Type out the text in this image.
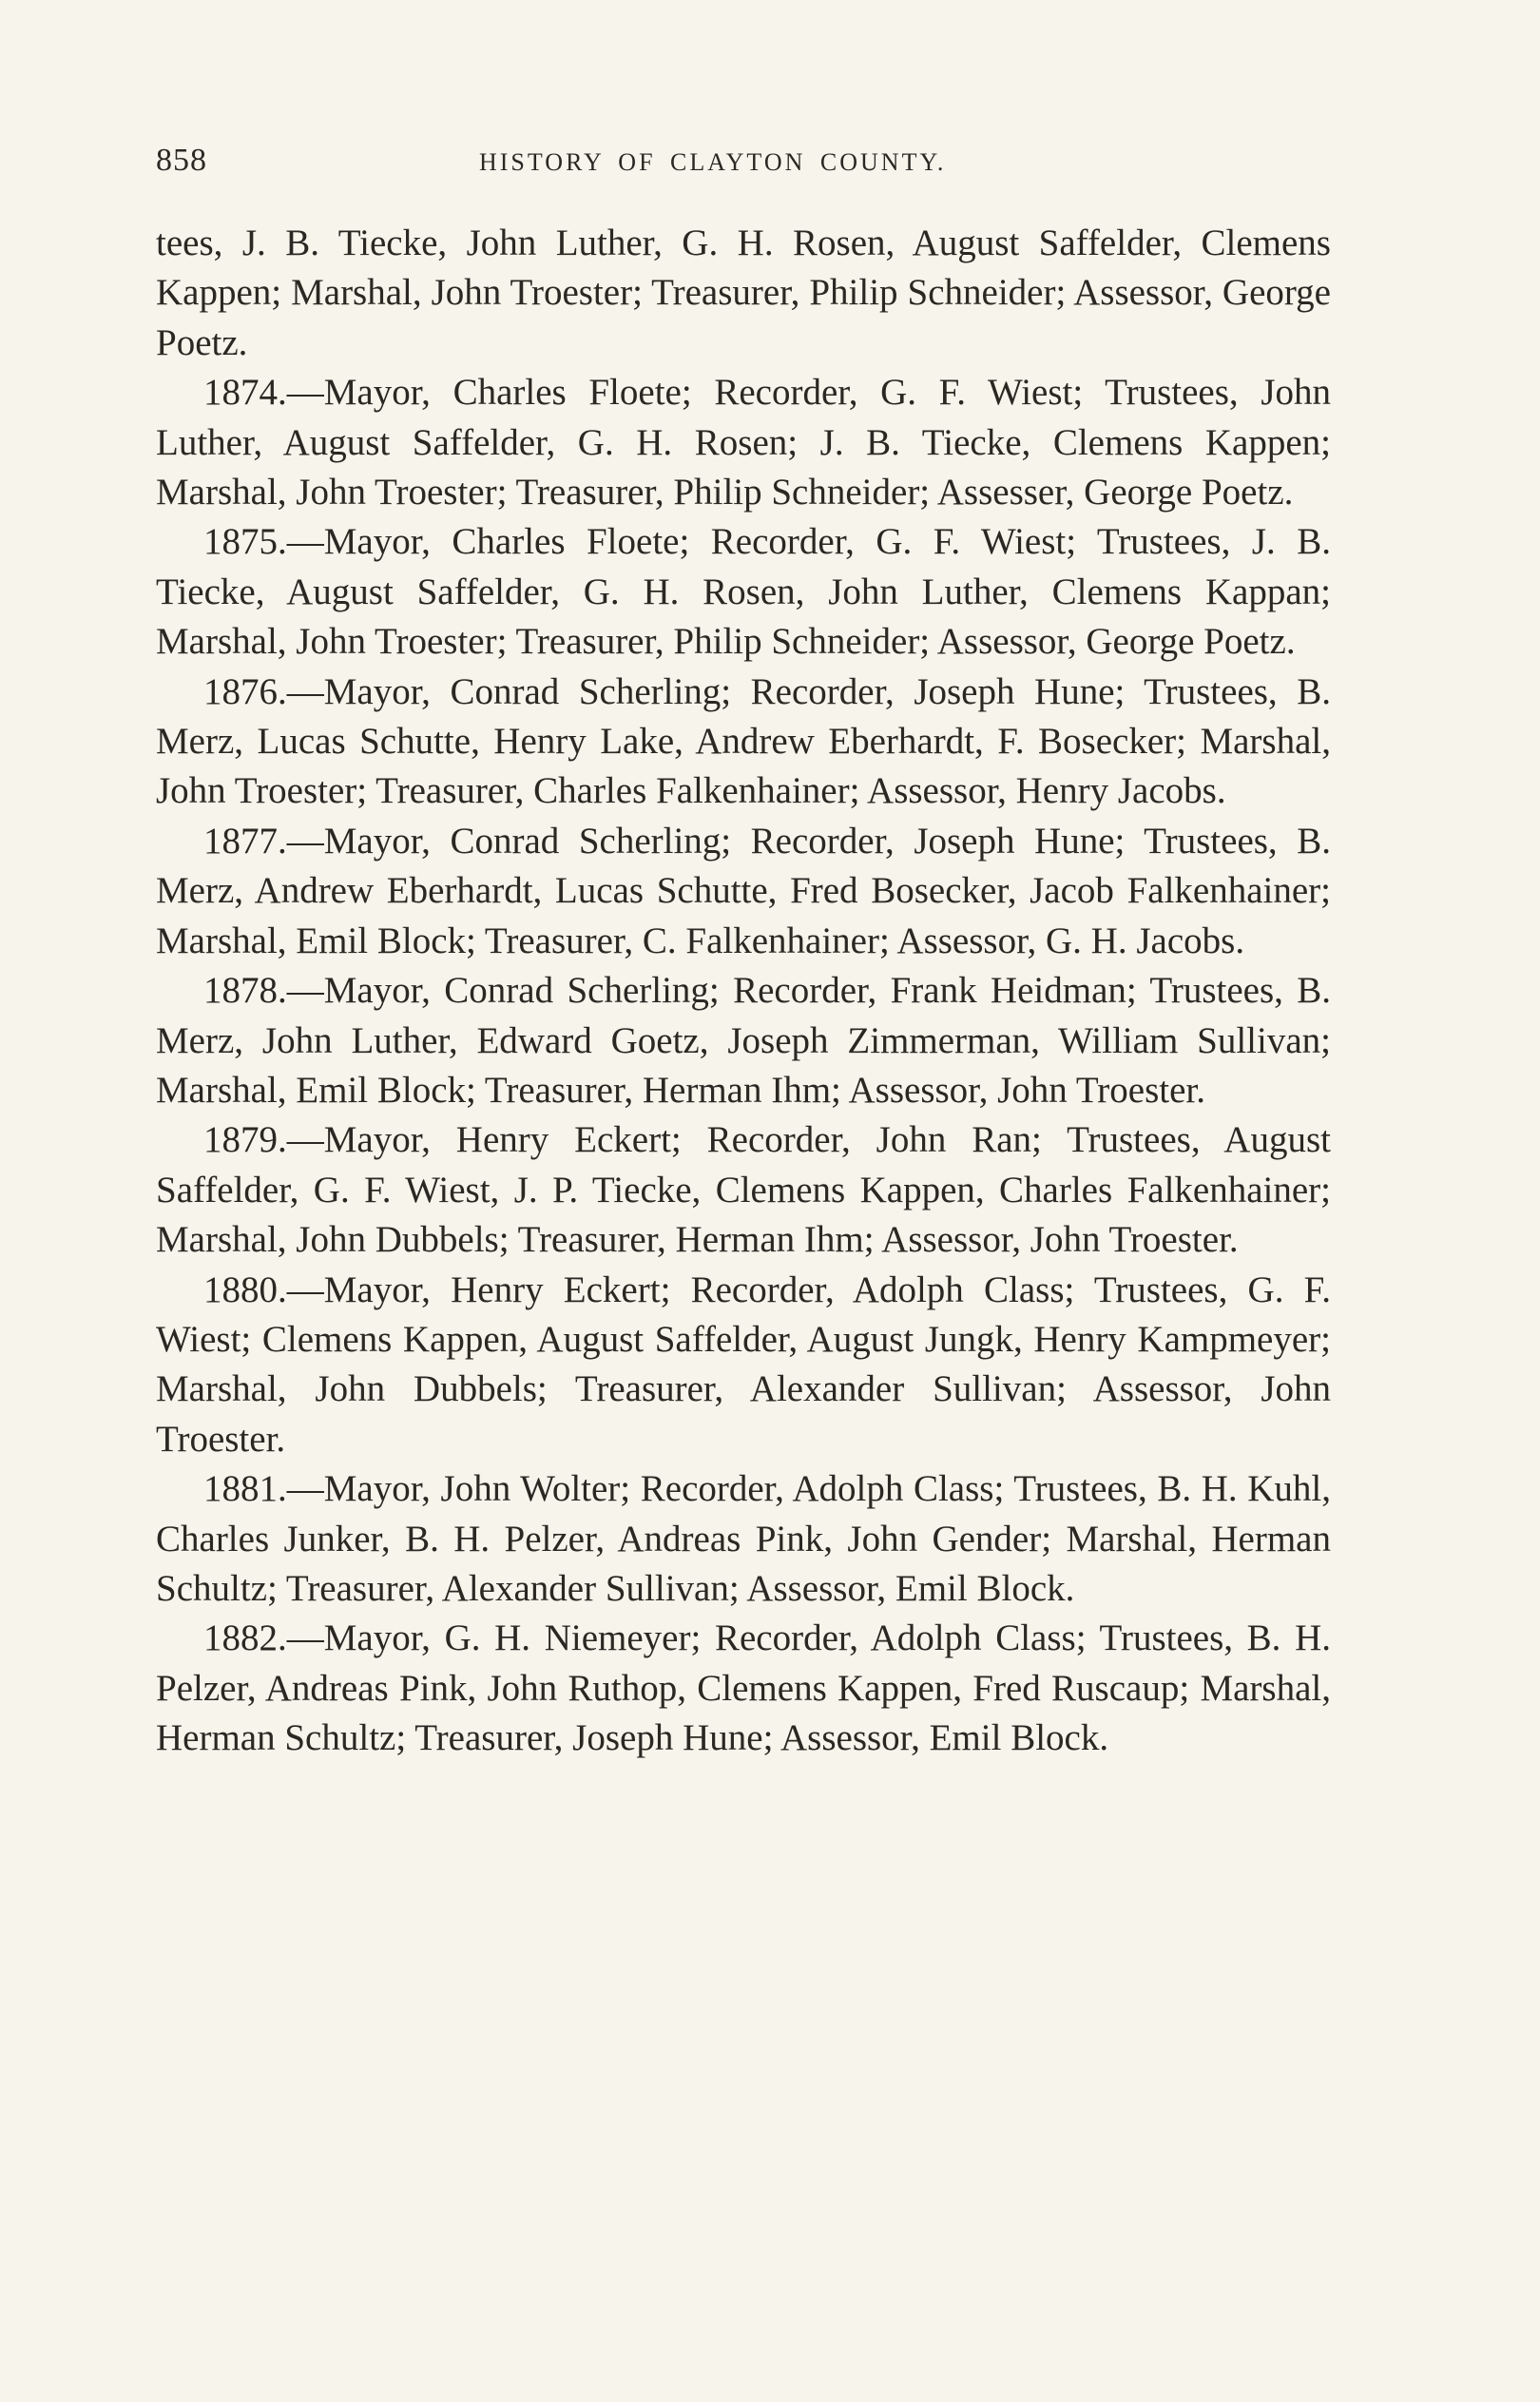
858	HISTORY OF CLAYTON COUNTY.

tees, J. B. Tiecke, John Luther, G. H. Rosen, August Saffelder, Clemens Kappen; Marshal, John Troester; Treasurer, Philip Schneider; Assessor, George Poetz.

1874.—Mayor, Charles Floete; Recorder, G. F. Wiest; Trustees, John Luther, August Saffelder, G. H. Rosen; J. B. Tiecke, Clemens Kappen; Marshal, John Troester; Treasurer, Philip Schneider; Assesser, George Poetz.

1875.—Mayor, Charles Floete; Recorder, G. F. Wiest; Trustees, J. B. Tiecke, August Saffelder, G. H. Rosen, John Luther, Clemens Kappan; Marshal, John Troester; Treasurer, Philip Schneider; Assessor, George Poetz.

1876.—Mayor, Conrad Scherling; Recorder, Joseph Hune; Trustees, B. Merz, Lucas Schutte, Henry Lake, Andrew Eberhardt, F. Bosecker; Marshal, John Troester; Treasurer, Charles Falkenhainer; Assessor, Henry Jacobs.

1877.—Mayor, Conrad Scherling; Recorder, Joseph Hune; Trustees, B. Merz, Andrew Eberhardt, Lucas Schutte, Fred Bosecker, Jacob Falkenhainer; Marshal, Emil Block; Treasurer, C. Falkenhainer; Assessor, G. H. Jacobs.

1878.—Mayor, Conrad Scherling; Recorder, Frank Heidman; Trustees, B. Merz, John Luther, Edward Goetz, Joseph Zimmerman, William Sullivan; Marshal, Emil Block; Treasurer, Herman Ihm; Assessor, John Troester.

1879.—Mayor, Henry Eckert; Recorder, John Ran; Trustees, August Saffelder, G. F. Wiest, J. P. Tiecke, Clemens Kappen, Charles Falkenhainer; Marshal, John Dubbels; Treasurer, Herman Ihm; Assessor, John Troester.

1880.—Mayor, Henry Eckert; Recorder, Adolph Class; Trustees, G. F. Wiest; Clemens Kappen, August Saffelder, August Jungk, Henry Kampmeyer; Marshal, John Dubbels; Treasurer, Alexander Sullivan; Assessor, John Troester.

1881.—Mayor, John Wolter; Recorder, Adolph Class; Trustees, B. H. Kuhl, Charles Junker, B. H. Pelzer, Andreas Pink, John Gender; Marshal, Herman Schultz; Treasurer, Alexander Sullivan; Assessor, Emil Block.

1882.—Mayor, G. H. Niemeyer; Recorder, Adolph Class; Trustees, B. H. Pelzer, Andreas Pink, John Ruthop, Clemens Kappen, Fred Ruscaup; Marshal, Herman Schultz; Treasurer, Joseph Hune; Assessor, Emil Block.
